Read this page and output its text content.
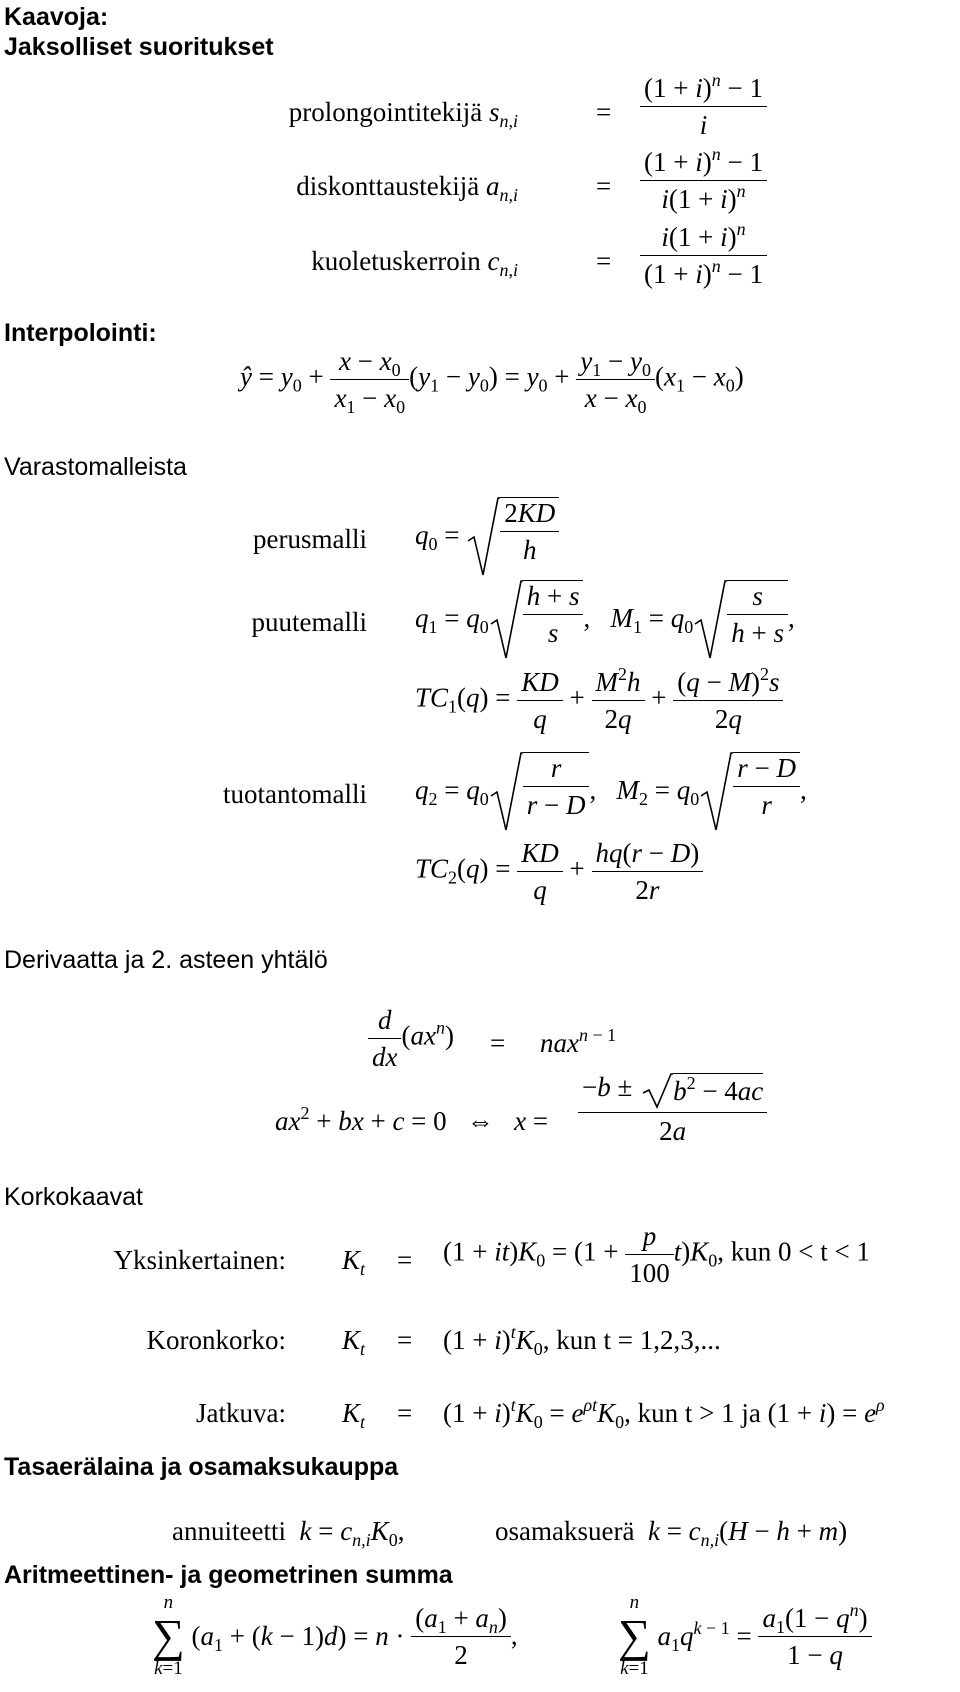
Kaavoja:
Jaksolliset suoritukset
prolongointitekijä $s_{n,i}$	= $\frac{(1 + i)^n - 1}{i}$
diskonttaustekijä $a_{n,i}$	= $\frac{(1 + i)^n - 1}{i(1 + i)^n}$
kuoletuskerroin $c_{n,i}$	= $\frac{i(1 + i)^n}{(1 + i)^n - 1}$
Interpolointi:
ŷ = $y_0 + \frac{x - x_0}{x_1 - x_0} (y_1 - y_0) = y_0 + \frac{y_1 - y_0}{x - x_0} (x_1 - x_0)$
Varastomalleista
perusmalli $q_0 = \frac{2KD}{h}$
puutemalli $q_1 = q_0 \frac{h + s}{s}$ ,   $M_1 = q_0 \frac{s}{h + s}$ ,
$TC_1(q) = \frac{KD}{q} + \frac{M^2h}{2q} + \frac{(q - M)^2s}{2q}$
tuotantomalli $q_2 = q_0 \frac{r}{r - D}$ ,   $M_2 = q_0 \frac{r - D}{r}$ ,
$TC_2(q) = \frac{KD}{q} + \frac{hq(r - D)}{2r}$
Derivaatta ja 2. asteen yhtälö
$\frac{d}{dx} (ax^n) = nax^{n - 1}$
$ax^2$ + bx + c = 0   ⇔ x = −b ±
$b^2 - 4ac$
2a
Korkokaavat
Yksinkertainen: $K_t = (1 + it)K_0 = (1 + \frac{p}{100} t)K_0$, kun 0 < t < 1
Koronkorko: $K_t = (1 + i)^tK_0$, kun t = 1,2,3,...
Jatkuva: $K_t = (1 + i)^tK_0 = e^{\rho t}K_0$, kun t > 1 ja $(1 + i) = e^\rho$
Tasaerälaina ja osamaksukauppa
annuiteetti $k = c_{n,i}K_0$,	osamaksuerä $k = c_{n,i}(H - h + m)$
Aritmeettinen- ja geometrinen summa
n
∑
k=1
$(a_1 + (k - 1)d) = n \cdot \frac{(a_1 + a_n)}{2}$ ,
n
∑
k=1
$a_1q^{k - 1} = \frac{a_1(1 - q^n)}{1 - q}$
